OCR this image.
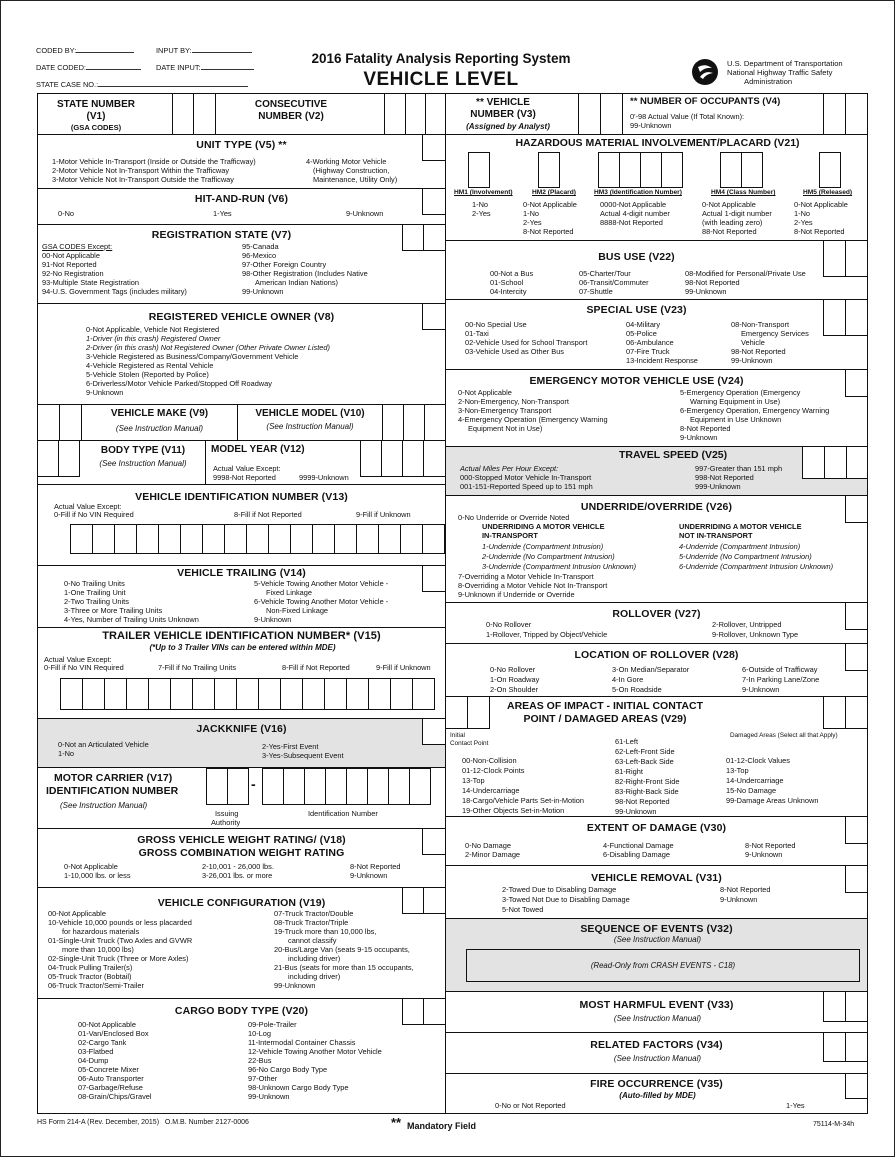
CODED BY:	INPUT BY:
DATE CODED:	DATE INPUT:
STATE CASE NO.:
2016 Fatality Analysis Reporting System
VEHICLE LEVEL
U.S. Department of Transportation
National Highway Traffic Safety
Administration
STATE NUMBER
(V1)
(GSA CODES)
CONSECUTIVE
NUMBER (V2)
** VEHICLE
NUMBER (V3)
(Assigned by Analyst)
** NUMBER OF OCCUPANTS (V4)
0'-98 Actual Value (If Total Known):
99-Unknown
UNIT TYPE (V5) **
1-Motor Vehicle In-Transport (Inside or Outside the Trafficway)
2-Motor Vehicle Not In-Transport Within the Trafficway
3-Motor Vehicle Not In-Transport Outside the Trafficway
4-Working Motor Vehicle
(Highway Construction,
Maintenance, Utility Only)
HIT-AND-RUN (V6)
0-No	1-Yes	9-Unknown
REGISTRATION STATE (V7)
GSA CODES Except:
00-Not Applicable
91-Not Reported
92-No Registration
93-Multiple State Registration
94-U.S. Government Tags (includes military)
95-Canada
96-Mexico
97-Other Foreign Country
98-Other Registration (Includes Native
American Indian Nations)
99-Unknown
REGISTERED VEHICLE OWNER (V8)
0-Not Applicable, Vehicle Not Registered
1-Driver (in this crash) Registered Owner
2-Driver (in this crash) Not Registered Owner (Other Private Owner Listed)
3-Vehicle Registered as Business/Company/Government Vehicle
4-Vehicle Registered as Rental Vehicle
5-Vehicle Stolen (Reported by Police)
6-Driverless/Motor Vehicle Parked/Stopped Off Roadway
9-Unknown
VEHICLE MAKE (V9)
(See Instruction Manual)
VEHICLE MODEL (V10)
(See Instruction Manual)
BODY TYPE (V11)
(See Instruction Manual)
MODEL YEAR (V12)
Actual Value Except:
9998-Not Reported	9999-Unknown
VEHICLE IDENTIFICATION NUMBER (V13)
Actual Value Except:
0-Fill if No VIN Required	8-Fill if Not Reported	9-Fill if Unknown
VEHICLE TRAILING (V14)
0-No Trailing Units
1-One Trailing Unit
2-Two Trailing Units
3-Three or More Trailing Units
4-Yes, Number of Trailing Units Unknown
5-Vehicle Towing Another Motor Vehicle -
Fixed Linkage
6-Vehicle Towing Another Motor Vehicle -
Non-Fixed Linkage
9-Unknown
TRAILER VEHICLE IDENTIFICATION NUMBER* (V15)
(*Up to 3 Trailer VINs can be entered within MDE)
Actual Value Except:
0-Fill if No VIN Required	7-Fill if No Trailing Units	8-Fill if Not Reported	9-Fill if Unknown
JACKKNIFE (V16)
0-Not an Articulated Vehicle
1-No
2-Yes-First Event
3-Yes-Subsequent Event
MOTOR CARRIER (V17)
IDENTIFICATION NUMBER
(See Instruction Manual)
-
Issuing
Authority
Identification Number
GROSS VEHICLE WEIGHT RATING/ (V18)
GROSS COMBINATION WEIGHT RATING
0-Not Applicable
1-10,000 lbs. or less
2-10,001 - 26,000 lbs.
3-26,001 lbs. or more
8-Not Reported
9-Unknown
VEHICLE CONFIGURATION (V19)
00-Not Applicable
10-Vehicle 10,000 pounds or less placarded
for hazardous materials
01-Single-Unit Truck (Two Axles and GVWR
more than 10,000 lbs)
02-Single-Unit Truck (Three or More Axles)
04-Truck Pulling Trailer(s)
05-Truck Tractor (Bobtail)
06-Truck Tractor/Semi-Trailer
07-Truck Tractor/Double
08-Truck Tractor/Triple
19-Truck more than 10,000 lbs,
cannot classify
20-Bus/Large Van (seats 9-15 occupants,
including driver)
21-Bus (seats for more than 15 occupants,
including driver)
99-Unknown
CARGO BODY TYPE (V20)
00-Not Applicable
01-Van/Enclosed Box
02-Cargo Tank
03-Flatbed
04-Dump
05-Concrete Mixer
06-Auto Transporter
07-Garbage/Refuse
08-Grain/Chips/Gravel
09-Pole-Trailer
10-Log
11-Intermodal Container Chassis
12-Vehicle Towing Another Motor Vehicle
22-Bus
96-No Cargo Body Type
97-Other
98-Unknown Cargo Body Type
99-Unknown
HAZARDOUS MATERIAL INVOLVEMENT/PLACARD (V21)
HM1 (Involvement)	HM2 (Placard)	HM3 (Identification Number)	HM4 (Class Number)	HM5 (Released)
1-No
2-Yes
0-Not Applicable
1-No
2-Yes
8-Not Reported
0000-Not Applicable
Actual 4-digit number
8888-Not Reported
0-Not Applicable
Actual 1-digit number
(with leading zero)
88-Not Reported
0-Not Applicable
1-No
2-Yes
8-Not Reported
BUS USE (V22)
00-Not a Bus
01-School
04-Intercity
05-Charter/Tour
06-Transit/Commuter
07-Shuttle
08-Modified for Personal/Private Use
98-Not Reported
99-Unknown
SPECIAL USE (V23)
00-No Special Use
01-Taxi
02-Vehicle Used for School Transport
03-Vehicle Used as Other Bus
04-Military
05-Police
06-Ambulance
07-Fire Truck
13-Incident Response
08-Non-Transport
Emergency Services
Vehicle
98-Not Reported
99-Unknown
EMERGENCY MOTOR VEHICLE USE (V24)
0-Not Applicable
2-Non-Emergency, Non-Transport
3-Non-Emergency Transport
4-Emergency Operation (Emergency Warning
Equipment Not in Use)
5-Emergency Operation (Emergency
Warning Equipment in Use)
6-Emergency Operation, Emergency Warning
Equipment in Use Unknown
8-Not Reported
9-Unknown
TRAVEL SPEED (V25)
Actual Miles Per Hour Except:
000-Stopped Motor Vehicle In-Transport
001-151-Reported Speed up to 151 mph
997-Greater than 151 mph
998-Not Reported
999-Unknown
UNDERRIDE/OVERRIDE (V26)
0-No Underride or Override Noted
UNDERRIDING A MOTOR VEHICLE
IN-TRANSPORT
UNDERRIDING A MOTOR VEHICLE
NOT IN-TRANSPORT
1-Underride (Compartment Intrusion)
2-Underride (No Compartment Intrusion)
3-Underride (Compartment Intrusion Unknown)
4-Underride (Compartment Intrusion)
5-Underride (No Compartment Intrusion)
6-Underride (Compartment Intrusion Unknown)
7-Overriding a Motor Vehicle In-Transport
8-Overriding a Motor Vehicle Not In-Transport
9-Unknown if Underride or Override
ROLLOVER (V27)
0-No Rollover
1-Rollover, Tripped by Object/Vehicle
2-Rollover, Untripped
9-Rollover, Unknown Type
LOCATION OF ROLLOVER (V28)
0-No Rollover
1-On Roadway
2-On Shoulder
3-On Median/Separator
4-In Gore
5-On Roadside
6-Outside of Trafficway
7-In Parking Lane/Zone
9-Unknown
AREAS OF IMPACT - INITIAL CONTACT
POINT / DAMAGED AREAS (V29)
Initial
Contact Point
Damaged Areas (Select all that Apply)
00-Non-Collision
01-12-Clock Points
13-Top
14-Undercarriage
18-Cargo/Vehicle Parts Set-in-Motion
19-Other Objects Set-in-Motion
61-Left
62-Left-Front Side
63-Left-Back Side
81-Right
82-Right-Front Side
83-Right-Back Side
98-Not Reported
99-Unknown
01-12-Clock Values
13-Top
14-Undercarriage
15-No Damage
99-Damage Areas Unknown
EXTENT OF DAMAGE (V30)
0-No Damage
2-Minor Damage
4-Functional Damage
6-Disabling Damage
8-Not Reported
9-Unknown
VEHICLE REMOVAL (V31)
2-Towed Due to Disabling Damage
3-Towed Not Due to Disabling Damage
5-Not Towed
8-Not Reported
9-Unknown
SEQUENCE OF EVENTS (V32)
(See Instruction Manual)
(Read-Only from CRASH EVENTS - C18)
MOST HARMFUL EVENT (V33)
(See Instruction Manual)
RELATED FACTORS (V34)
(See Instruction Manual)
FIRE OCCURRENCE (V35)
(Auto-filled by MDE)
0-No or Not Reported	1-Yes
HS Form 214-A (Rev. December, 2015)   O.M.B. Number 2127-0006	** Mandatory Field	75114-M-34h
